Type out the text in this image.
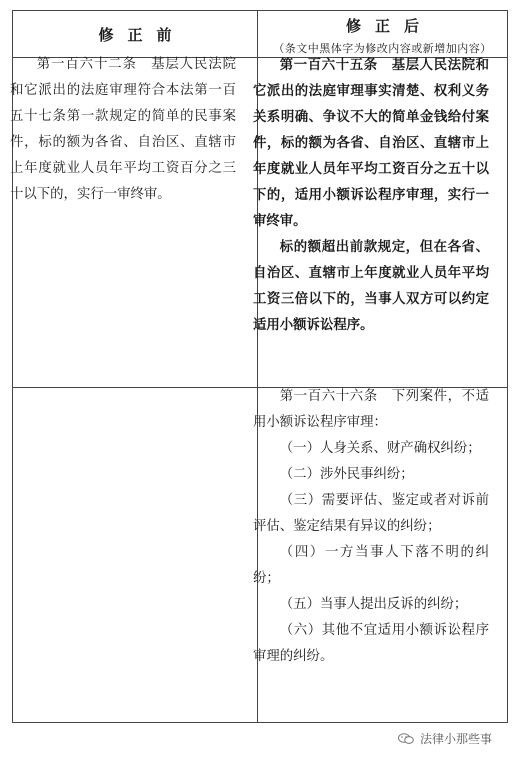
修正前	修正后
（条文中黑体字为修改内容或新增加内容）

第一百六十二条　基层人民法院和它派出的法庭审理符合本法第一百五十七条第一款规定的简单的民事案件，标的额为各省、自治区、直辖市上年度就业人员年平均工资百分之三十以下的，实行一审终审。

第一百六十五条　基层人民法院和它派出的法庭审理事实清楚、权利义务关系明确、争议不大的简单金钱给付案件，标的额为各省、自治区、直辖市上年度就业人员年平均工资百分之五十以下的，适用小额诉讼程序审理，实行一审终审。

标的额超出前款规定，但在各省、自治区、直辖市上年度就业人员年平均工资三倍以下的，当事人双方可以约定适用小额诉讼程序。

第一百六十六条　下列案件，不适用小额诉讼程序审理：

（一）人身关系、财产确权纠纷；

（二）涉外民事纠纷；

（三）需要评估、鉴定或者对诉前评估、鉴定结果有异议的纠纷；

（四）一方当事人下落不明的纠纷；

（五）当事人提出反诉的纠纷；

（六）其他不宜适用小额诉讼程序审理的纠纷。

法律小那些事
